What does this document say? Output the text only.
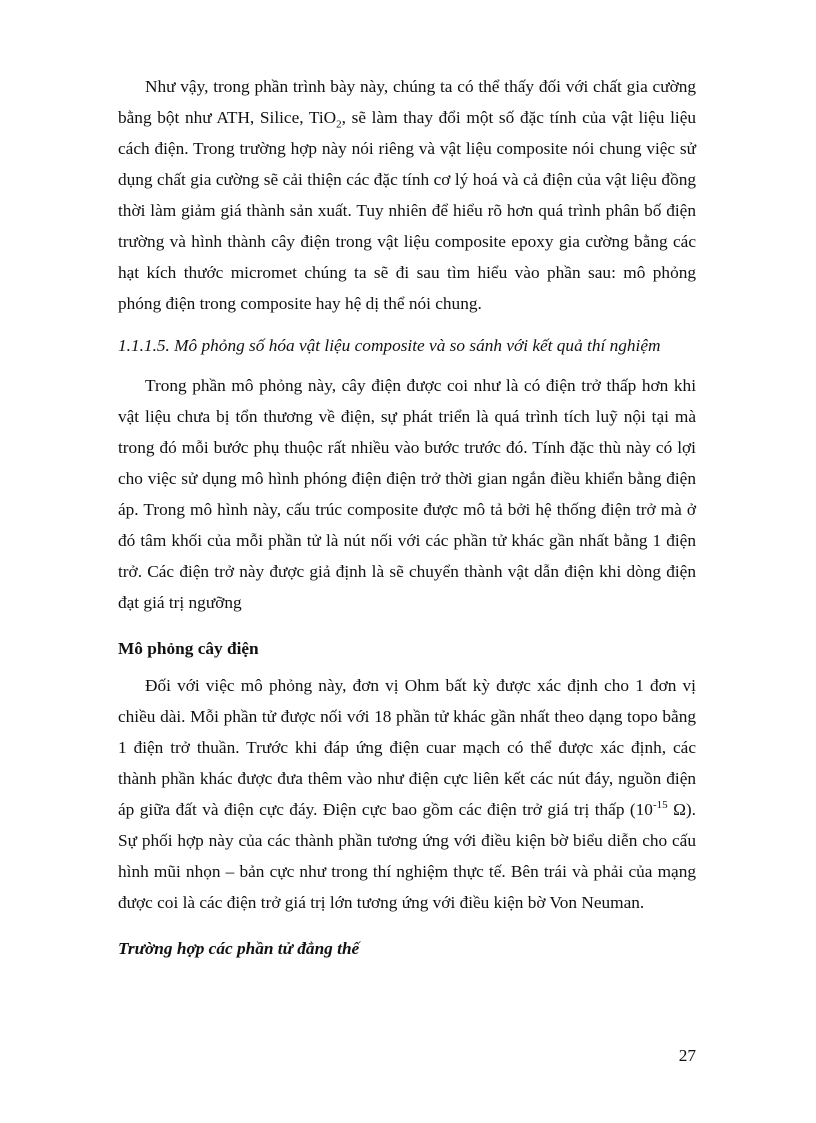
Như vậy, trong phần trình bày này, chúng ta có thể thấy đối với chất gia cường bằng bột như ATH, Silice, TiO$_2$, sẽ làm thay đổi một số đặc tính của vật liệu liệu cách điện. Trong trường hợp này nói riêng và vật liệu composite nói chung việc sử dụng chất gia cường sẽ cải thiện các đặc tính cơ lý hoá và cả điện của vật liệu đồng thời làm giảm giá thành sản xuất. Tuy nhiên để hiểu rõ hơn quá trình phân bố điện trường và hình thành cây điện trong vật liệu composite epoxy gia cường bằng các hạt kích thước micromet chúng ta sẽ đi sau tìm hiểu vào phần sau: mô phỏng phóng điện trong composite hay hệ dị thể nói chung.

1.1.1.5. Mô phỏng số hóa vật liệu composite và so sánh với kết quả thí nghiệm

Trong phần mô phỏng này, cây điện được coi như là có điện trở thấp hơn khi vật liệu chưa bị tổn thương về điện, sự phát triển là quá trình tích luỹ nội tại mà trong đó mỗi bước phụ thuộc rất nhiều vào bước trước đó. Tính đặc thù này có lợi cho việc sử dụng mô hình phóng điện điện trở thời gian ngắn điều khiển bằng điện áp. Trong mô hình này, cấu trúc composite được mô tả bởi hệ thống điện trở mà ở đó tâm khối của mỗi phần tử là nút nối với các phần tử khác gần nhất bằng 1 điện trở. Các điện trở này được giả định là sẽ chuyển thành vật dẫn điện khi dòng điện đạt giá trị ngưỡng

Mô phỏng cây điện

Đối với việc mô phỏng này, đơn vị Ohm bất kỳ được xác định cho 1 đơn vị chiều dài. Mỗi phần tử được nối với 18 phần tử khác gần nhất theo dạng topo bằng 1 điện trở thuần. Trước khi đáp ứng điện cuar mạch có thể được xác định, các thành phần khác được đưa thêm vào như điện cực liên kết các nút đáy, nguồn điện áp giữa đất và điện cực đáy. Điện cực bao gồm các điện trở giá trị thấp ($10^{-15}$ Ω). Sự phối hợp này của các thành phần tương ứng với điều kiện bờ biểu diễn cho cấu hình mũi nhọn – bản cực như trong thí nghiệm thực tế. Bên trái và phải của mạng được coi là các điện trở giá trị lớn tương ứng với điều kiện bờ Von Neuman.

Trường hợp các phần tử đẳng thế
27
